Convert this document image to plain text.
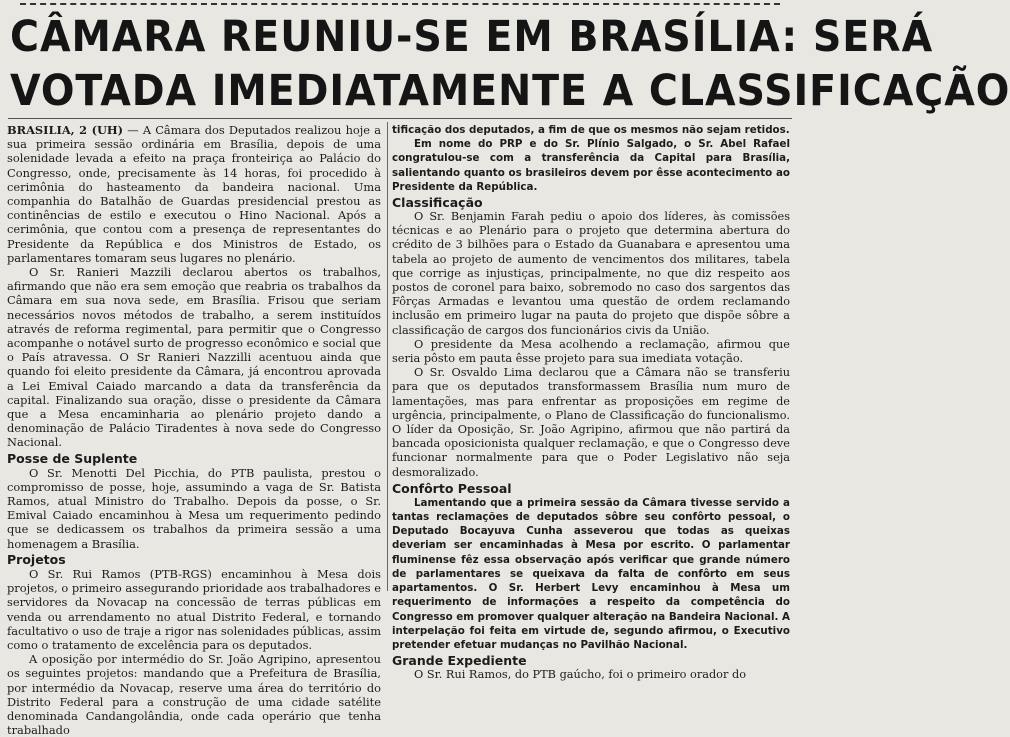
CÂMARA REUNIU-SE EM BRASÍLIA: SERÁ
VOTADA IMEDIATAMENTE A CLASSIFICAÇÃO

BRASILIA, 2 (UH) — A Câmara dos Deputados realizou hoje a sua primeira sessão ordinária em Brasília, depois de uma solenidade levada a efeito na praça fronteiriça ao Palácio do Congresso, onde, precisamente às 14 horas, foi procedido à cerimônia do hasteamento da bandeira nacional. Uma companhia do Batalhão de Guardas presidencial prestou as continências de estilo e executou o Hino Nacional. Após a cerimônia, que contou com a presença de representantes do Presidente da República e dos Ministros de Estado, os parlamentares tomaram seus lugares no plenário.

O Sr. Ranieri Mazzili declarou abertos os trabalhos, afirmando que não era sem emoção que reabria os trabalhos da Câmara em sua nova sede, em Brasília. Frisou que seriam necessários novos métodos de trabalho, a serem instituídos através de reforma regimental, para permitir que o Congresso acompanhe o notável surto de progresso econômico e social que o País atravessa. O Sr Ranieri Nazzilli acentuou ainda que quando foi eleito presidente da Câmara, já encontrou aprovada a Lei Emival Caiado marcando a data da transferência da capital. Finalizando sua oração, disse o presidente da Câmara que a Mesa encaminharia ao plenário projeto dando a denominação de Palácio Tiradentes à nova sede do Congresso Nacional.

Posse de Suplente

O Sr. Menotti Del Picchia, do PTB paulista, prestou o compromisso de posse, hoje, assumindo a vaga de Sr. Batista Ramos, atual Ministro do Trabalho. Depois da posse, o Sr. Emival Caiado encaminhou à Mesa um requerimento pedindo que se dedicassem os trabalhos da primeira sessão a uma homenagem a Brasília.

Projetos

O Sr. Rui Ramos (PTB-RGS) encaminhou à Mesa dois projetos, o primeiro assegurando prioridade aos trabalhadores e servidores da Novacap na concessão de terras públicas em venda ou arrendamento no atual Distrito Federal, e tornando facultativo o uso de traje a rigor nas solenidades públicas, assim como o tratamento de excelência para os deputados.

A oposição por intermédio do Sr. João Agripino, apresentou os seguintes projetos: mandando que a Prefeitura de Brasília, por intermédio da Novacap, reserve uma área do território do Distrito Federal para a construção de uma cidade satélite denominada Candangolândia, onde cada operário que tenha trabalhado

tificação dos deputados, a fim de que os mesmos não sejam retidos.

Em nome do PRP e do Sr. Plínio Salgado, o Sr. Abel Rafael congratulou-se com a transferência da Capital para Brasília, salientando quanto os brasileiros devem por êsse acontecimento ao Presidente da República.

Classificação

O Sr. Benjamin Farah pediu o apoio dos líderes, às comissões técnicas e ao Plenário para o projeto que determina abertura do crédito de 3 bilhões para o Estado da Guanabara e apresentou uma tabela ao projeto de aumento de vencimentos dos militares, tabela que corrige as injustiças, principalmente, no que diz respeito aos postos de coronel para baixo, sobremodo no caso dos sargentos das Fôrças Armadas e levantou uma questão de ordem reclamando inclusão em primeiro lugar na pauta do projeto que dispõe sôbre a classificação de cargos dos funcionários civis da União.

O presidente da Mesa acolhendo a reclamação, afirmou que seria pôsto em pauta êsse projeto para sua imediata votação.

O Sr. Osvaldo Lima declarou que a Câmara não se transferiu para que os deputados transformassem Brasília num muro de lamentações, mas para enfrentar as proposições em regime de urgência, principalmente, o Plano de Classificação do funcionalismo. O líder da Oposição, Sr. João Agripino, afirmou que não partirá da bancada oposicionista qualquer reclamação, e que o Congresso deve funcionar normalmente para que o Poder Legislativo não seja desmoralizado.

Confôrto Pessoal

Lamentando que a primeira sessão da Câmara tivesse servido a tantas reclamações de deputados sôbre seu confôrto pessoal, o Deputado Bocayuva Cunha asseverou que todas as queixas deveriam ser encaminhadas à Mesa por escrito. O parlamentar fluminense fêz essa observação após verificar que grande número de parlamentares se queixava da falta de confôrto em seus apartamentos. O Sr. Herbert Levy encaminhou à Mesa um requerimento de informações a respeito da competência do Congresso em promover qualquer alteração na Bandeira Nacional. A interpelação foi feita em virtude de, segundo afirmou, o Executivo pretender efetuar mudanças no Pavilhão Nacional.

Grande Expediente

O Sr. Rui Ramos, do PTB gaúcho, foi o primeiro orador do
